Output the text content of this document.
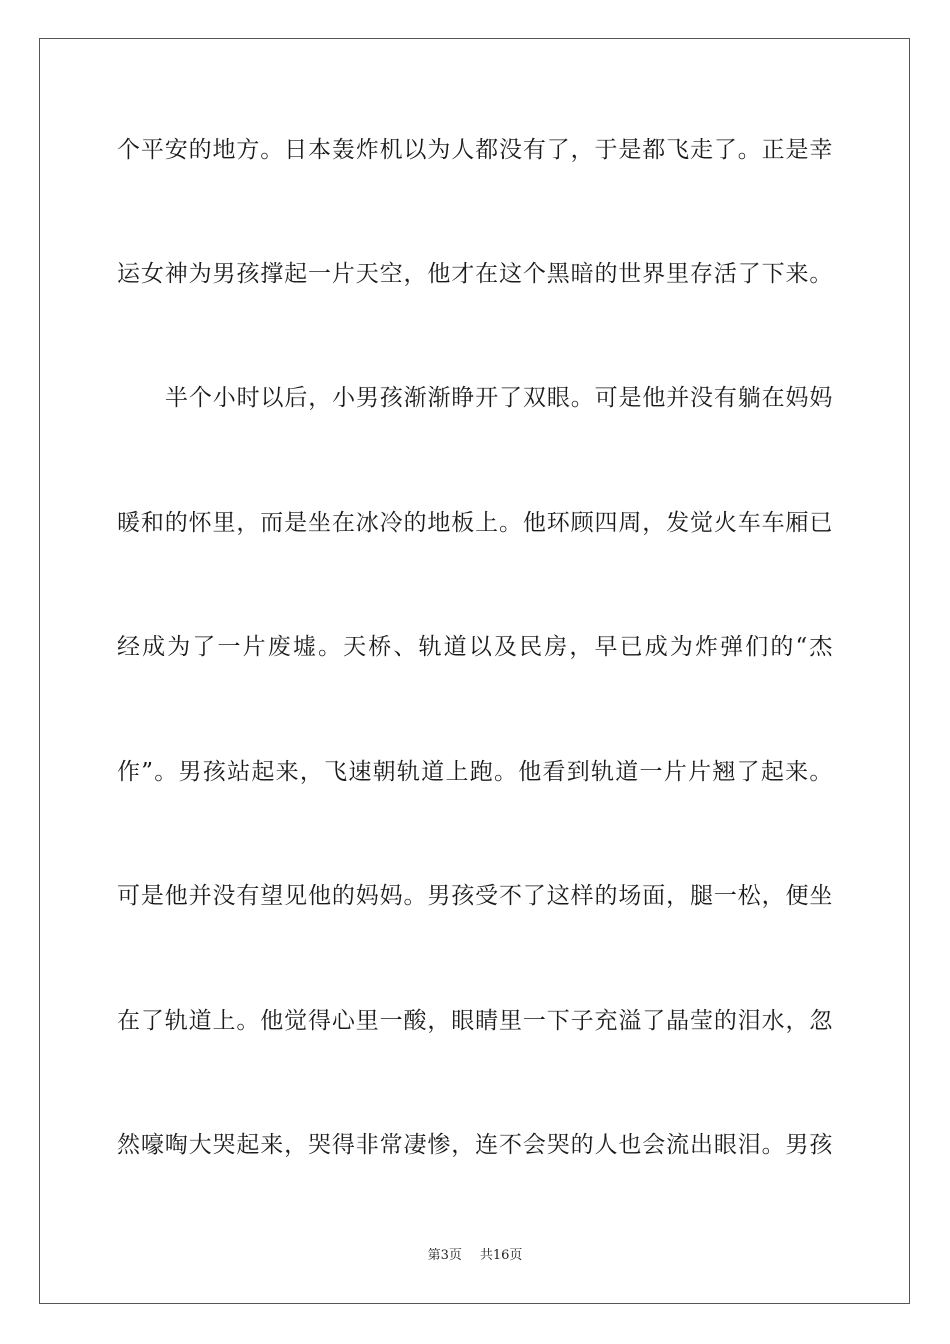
个平安的地方。日本轰炸机以为人都没有了，于是都飞走了。正是幸
运女神为男孩撑起一片天空，他才在这个黑暗的世界里存活了下来。
半个小时以后，小男孩渐渐睁开了双眼。可是他并没有躺在妈妈
暖和的怀里，而是坐在冰冷的地板上。他环顾四周，发觉火车车厢已
经成为了一片废墟。天桥、轨道以及民房，早已成为炸弹们的“杰
作”。男孩站起来，飞速朝轨道上跑。他看到轨道一片片翘了起来。
可是他并没有望见他的妈妈。男孩受不了这样的场面，腿一松，便坐
在了轨道上。他觉得心里一酸，眼睛里一下子充溢了晶莹的泪水，忽
然嚎啕大哭起来，哭得非常凄惨，连不会哭的人也会流出眼泪。男孩
第3页 共16页
